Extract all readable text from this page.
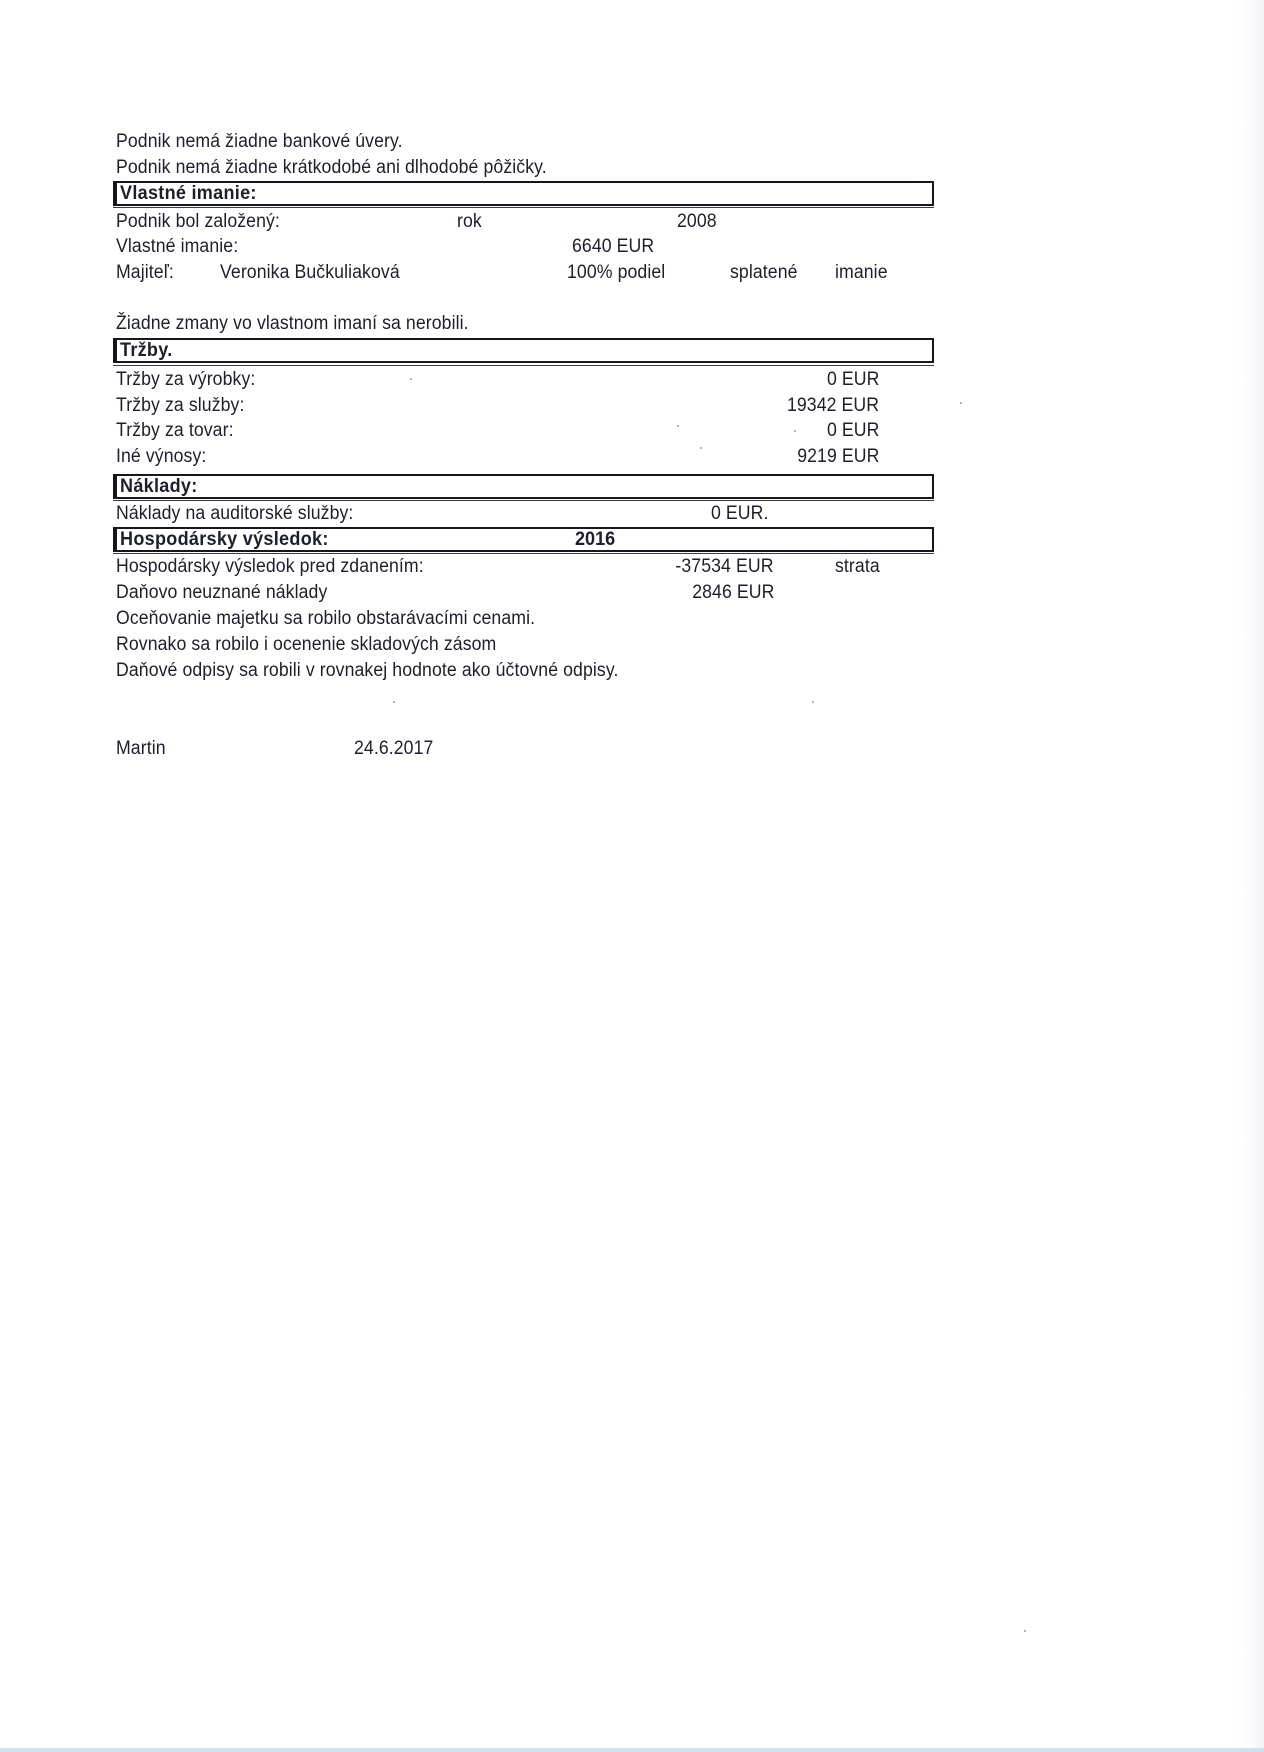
Podnik nemá žiadne bankové úvery.
Podnik nemá žiadne krátkodobé ani dlhodobé pôžičky.
Vlastné imanie:
Podnik bol založený:	rok	2008
Vlastné imanie:	6640 EUR
Majiteľ: Veronika Bučkuliaková	100% podiel	splatené imanie
Žiadne zmany vo vlastnom imaní sa nerobili.
Tržby.
Tržby za výrobky:	0 EUR
Tržby za služby:	19342 EUR
Tržby za tovar:	0 EUR
Iné výnosy:	9219 EUR
Náklady:
Náklady na auditorské služby:	0 EUR.
Hospodársky výsledok:	2016
Hospodársky výsledok pred zdanením:	-37534 EUR	strata
Daňovo neuznané náklady	2846 EUR
Oceňovanie majetku sa robilo obstarávacími cenami.
Rovnako sa robilo i ocenenie skladových zásom
Daňové odpisy sa robili v rovnakej hodnote ako účtovné odpisy.
Martin	24.6.2017
